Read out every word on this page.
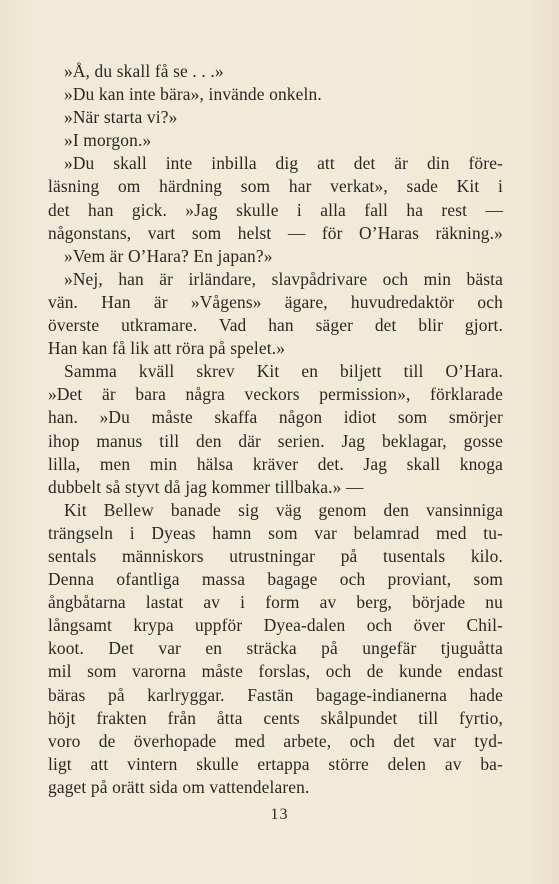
»Å, du skall få se . . .»
»Du kan inte bära», invände onkeln.
»När starta vi?»
»I morgon.»
»Du skall inte inbilla dig att det är din före-
läsning om härdning som har verkat», sade Kit i
det han gick. »Jag skulle i alla fall ha rest —
någonstans, vart som helst — för O’Haras räkning.»
»Vem är O’Hara? En japan?»
»Nej, han är irländare, slavpådrivare och min bästa
vän. Han är »Vågens» ägare, huvudredaktör och
överste utkramare. Vad han säger det blir gjort.
Han kan få lik att röra på spelet.»
Samma kväll skrev Kit en biljett till O’Hara.
»Det är bara några veckors permission», förklarade
han. »Du måste skaffa någon idiot som smörjer
ihop manus till den där serien. Jag beklagar, gosse
lilla, men min hälsa kräver det. Jag skall knoga
dubbelt så styvt då jag kommer tillbaka.» —
Kit Bellew banade sig väg genom den vansinniga
trängseln i Dyeas hamn som var belamrad med tu-
sentals människors utrustningar på tusentals kilo.
Denna ofantliga massa bagage och proviant, som
ångbåtarna lastat av i form av berg, började nu
långsamt krypa uppför Dyea-dalen och över Chil-
koot. Det var en sträcka på ungefär tjuguåtta
mil som varorna måste forslas, och de kunde endast
bäras på karlryggar. Fastän bagage-indianerna hade
höjt frakten från åtta cents skålpundet till fyrtio,
voro de överhopade med arbete, och det var tyd-
ligt att vintern skulle ertappa större delen av ba-
gaget på orätt sida om vattendelaren.
13
